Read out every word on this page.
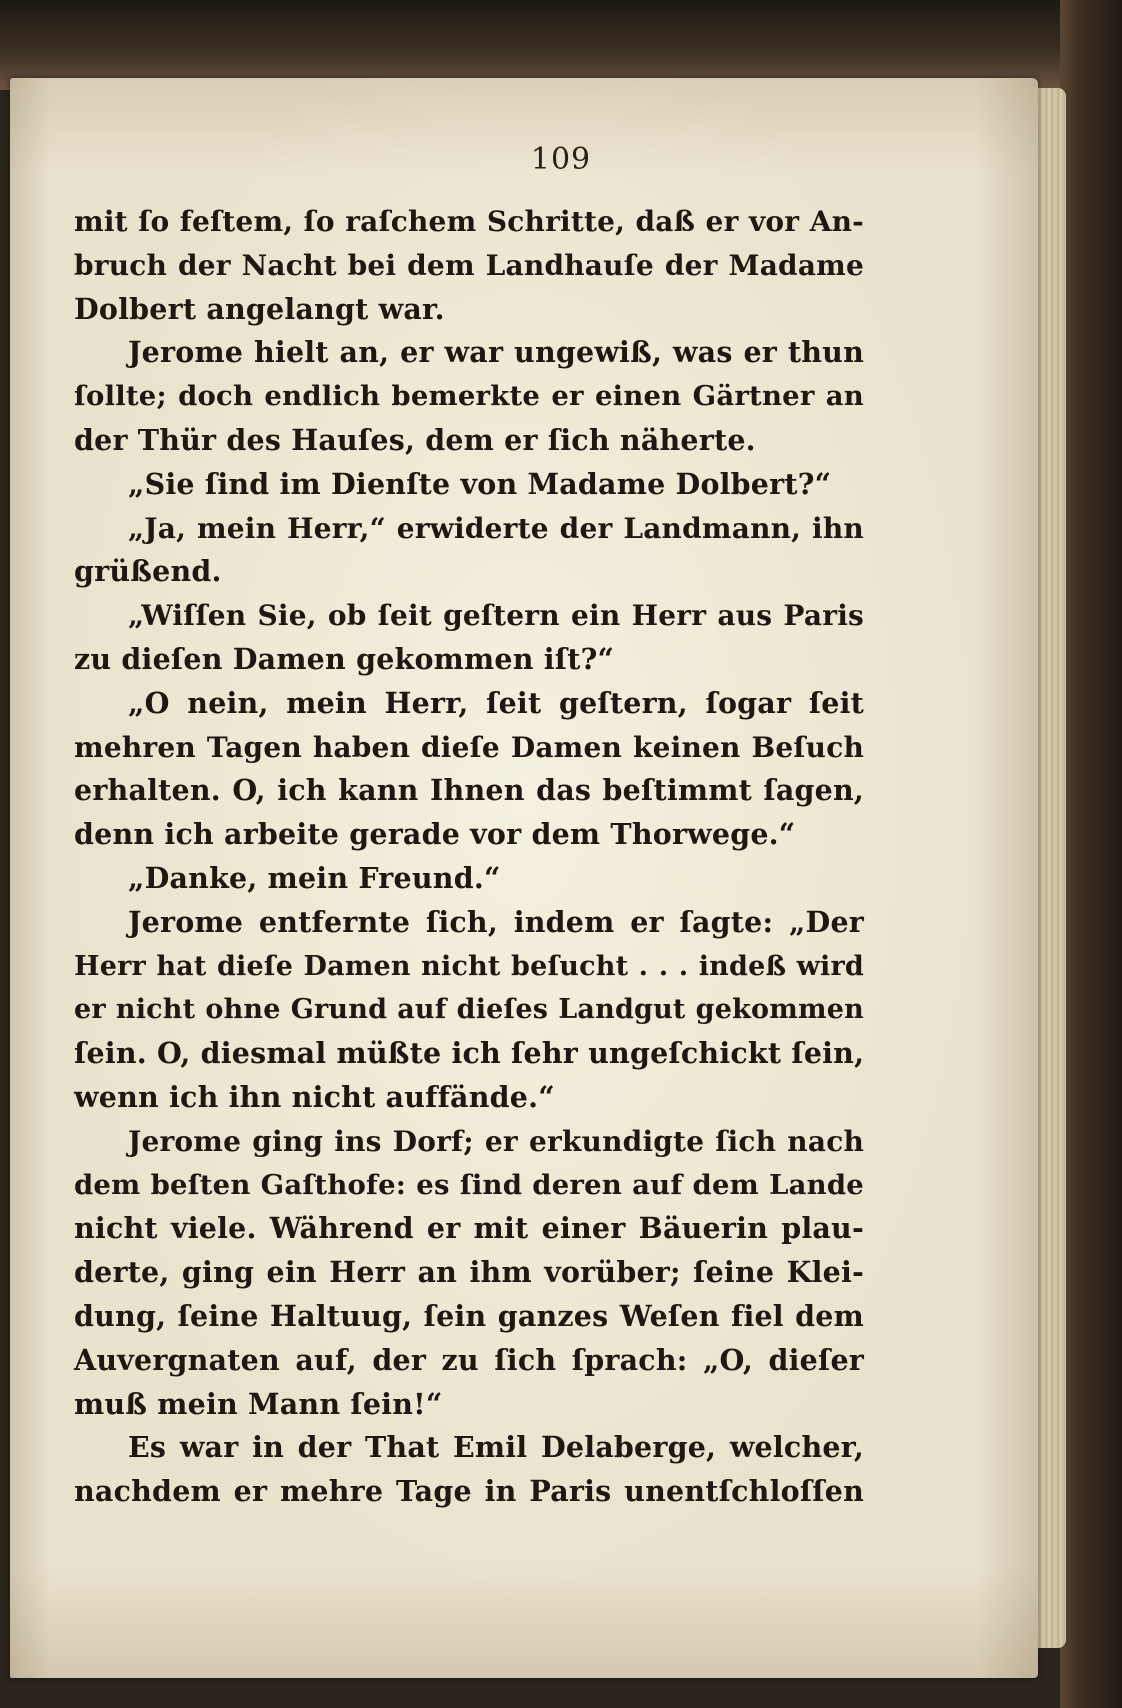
109
mit ſo feſtem, ſo raſchem Schritte, daß er vor An-
bruch der Nacht bei dem Landhauſe der Madame
Dolbert angelangt war.
Jerome hielt an, er war ungewiß, was er thun
ſollte; doch endlich bemerkte er einen Gärtner an
der Thür des Hauſes, dem er ſich näherte.
„Sie ſind im Dienſte von Madame Dolbert?“
„Ja, mein Herr,“ erwiderte der Landmann, ihn
grüßend.
„Wiſſen Sie, ob ſeit geſtern ein Herr aus Paris
zu dieſen Damen gekommen iſt?“
„O nein, mein Herr, ſeit geſtern, ſogar ſeit
mehren Tagen haben dieſe Damen keinen Beſuch
erhalten. O, ich kann Ihnen das beſtimmt ſagen,
denn ich arbeite gerade vor dem Thorwege.“
„Danke, mein Freund.“
Jerome entfernte ſich, indem er ſagte: „Der
Herr hat dieſe Damen nicht beſucht . . . indeß wird
er nicht ohne Grund auf dieſes Landgut gekommen
ſein. O, diesmal müßte ich ſehr ungeſchickt ſein,
wenn ich ihn nicht auffände.“
Jerome ging ins Dorf; er erkundigte ſich nach
dem beſten Gaſthofe: es ſind deren auf dem Lande
nicht viele. Während er mit einer Bäuerin plau-
derte, ging ein Herr an ihm vorüber; ſeine Klei-
dung, ſeine Haltuug, ſein ganzes Weſen fiel dem
Auvergnaten auf, der zu ſich ſprach: „O, dieſer
muß mein Mann ſein!“
Es war in der That Emil Delaberge, welcher,
nachdem er mehre Tage in Paris unentſchloſſen
